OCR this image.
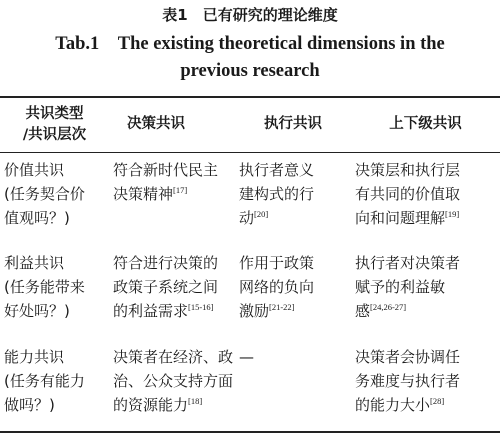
表1　已有研究的理论维度
Tab.1　The existing theoretical dimensions in the
previous research
共识类型
/共识层次	决策共识	执行共识	上下级共识

价值共识
(任务契合价
值观吗？)	符合新时代民主
决策精神[17]	执行者意义
建构式的行
动[20]	决策层和执行层
有共同的价值取
向和问题理解[19]

利益共识
(任务能带来
好处吗？)	符合进行决策的
政策子系统之间
的利益需求[15-16]	作用于政策
网络的负向
激励[21-22]	执行者对决策者
赋予的利益敏
感[24,26-27]

能力共识
(任务有能力
做吗？)	决策者在经济、政
治、公众支持方面
的资源能力[18]	—	决策者会协调任
务难度与执行者
的能力大小[28]
